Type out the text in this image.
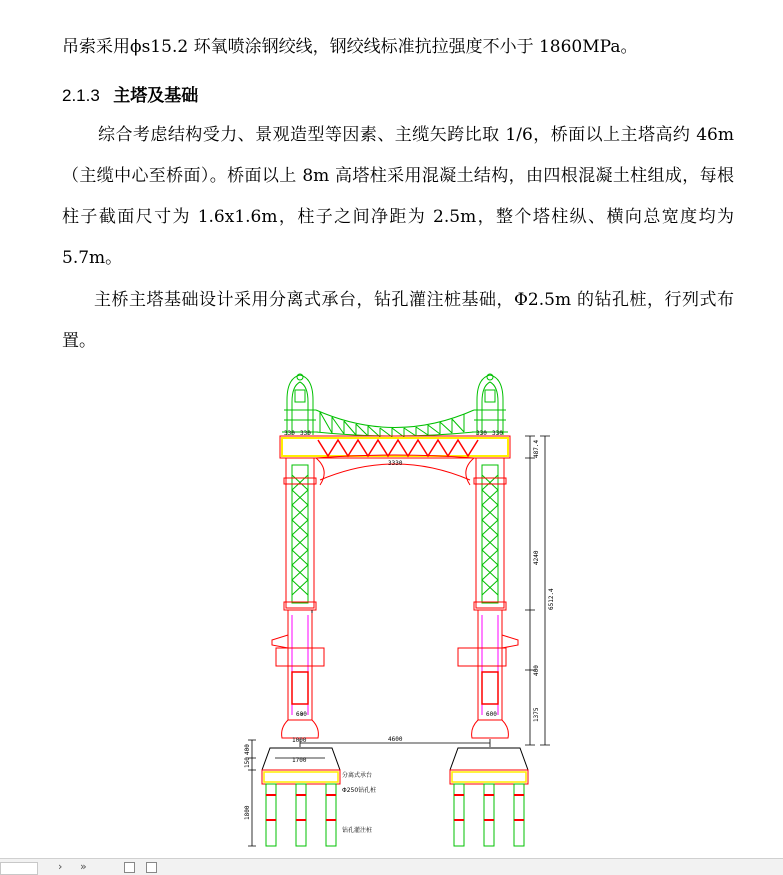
吊索采用ϕs15.2 环氧喷涂钢绞线，钢绞线标准抗拉强度不小于 1860MPa。

2.1.3 主塔及基础

综合考虑结构受力、景观造型等因素、主缆矢跨比取 1/6，桥面以上主塔高约 46m（主缆中心至桥面）。桥面以上 8m 高塔柱采用混凝土结构，由四根混凝土柱组成，每根柱子截面尺寸为 1.6x1.6m，柱子之间净距为 2.5m，整个塔柱纵、横向总宽度均为 5.7m。

主桥主塔基础设计采用分离式承台，钻孔灌注桩基础，Φ2.5m 的钻孔桩，行列式布置。

330 330	330 330
3330
600	600
4600
1700
1000
487.4
4240
6512.4
400
1375
400
150
1800
分离式承台
Φ250钻孔桩
钻孔灌注桩
› »
